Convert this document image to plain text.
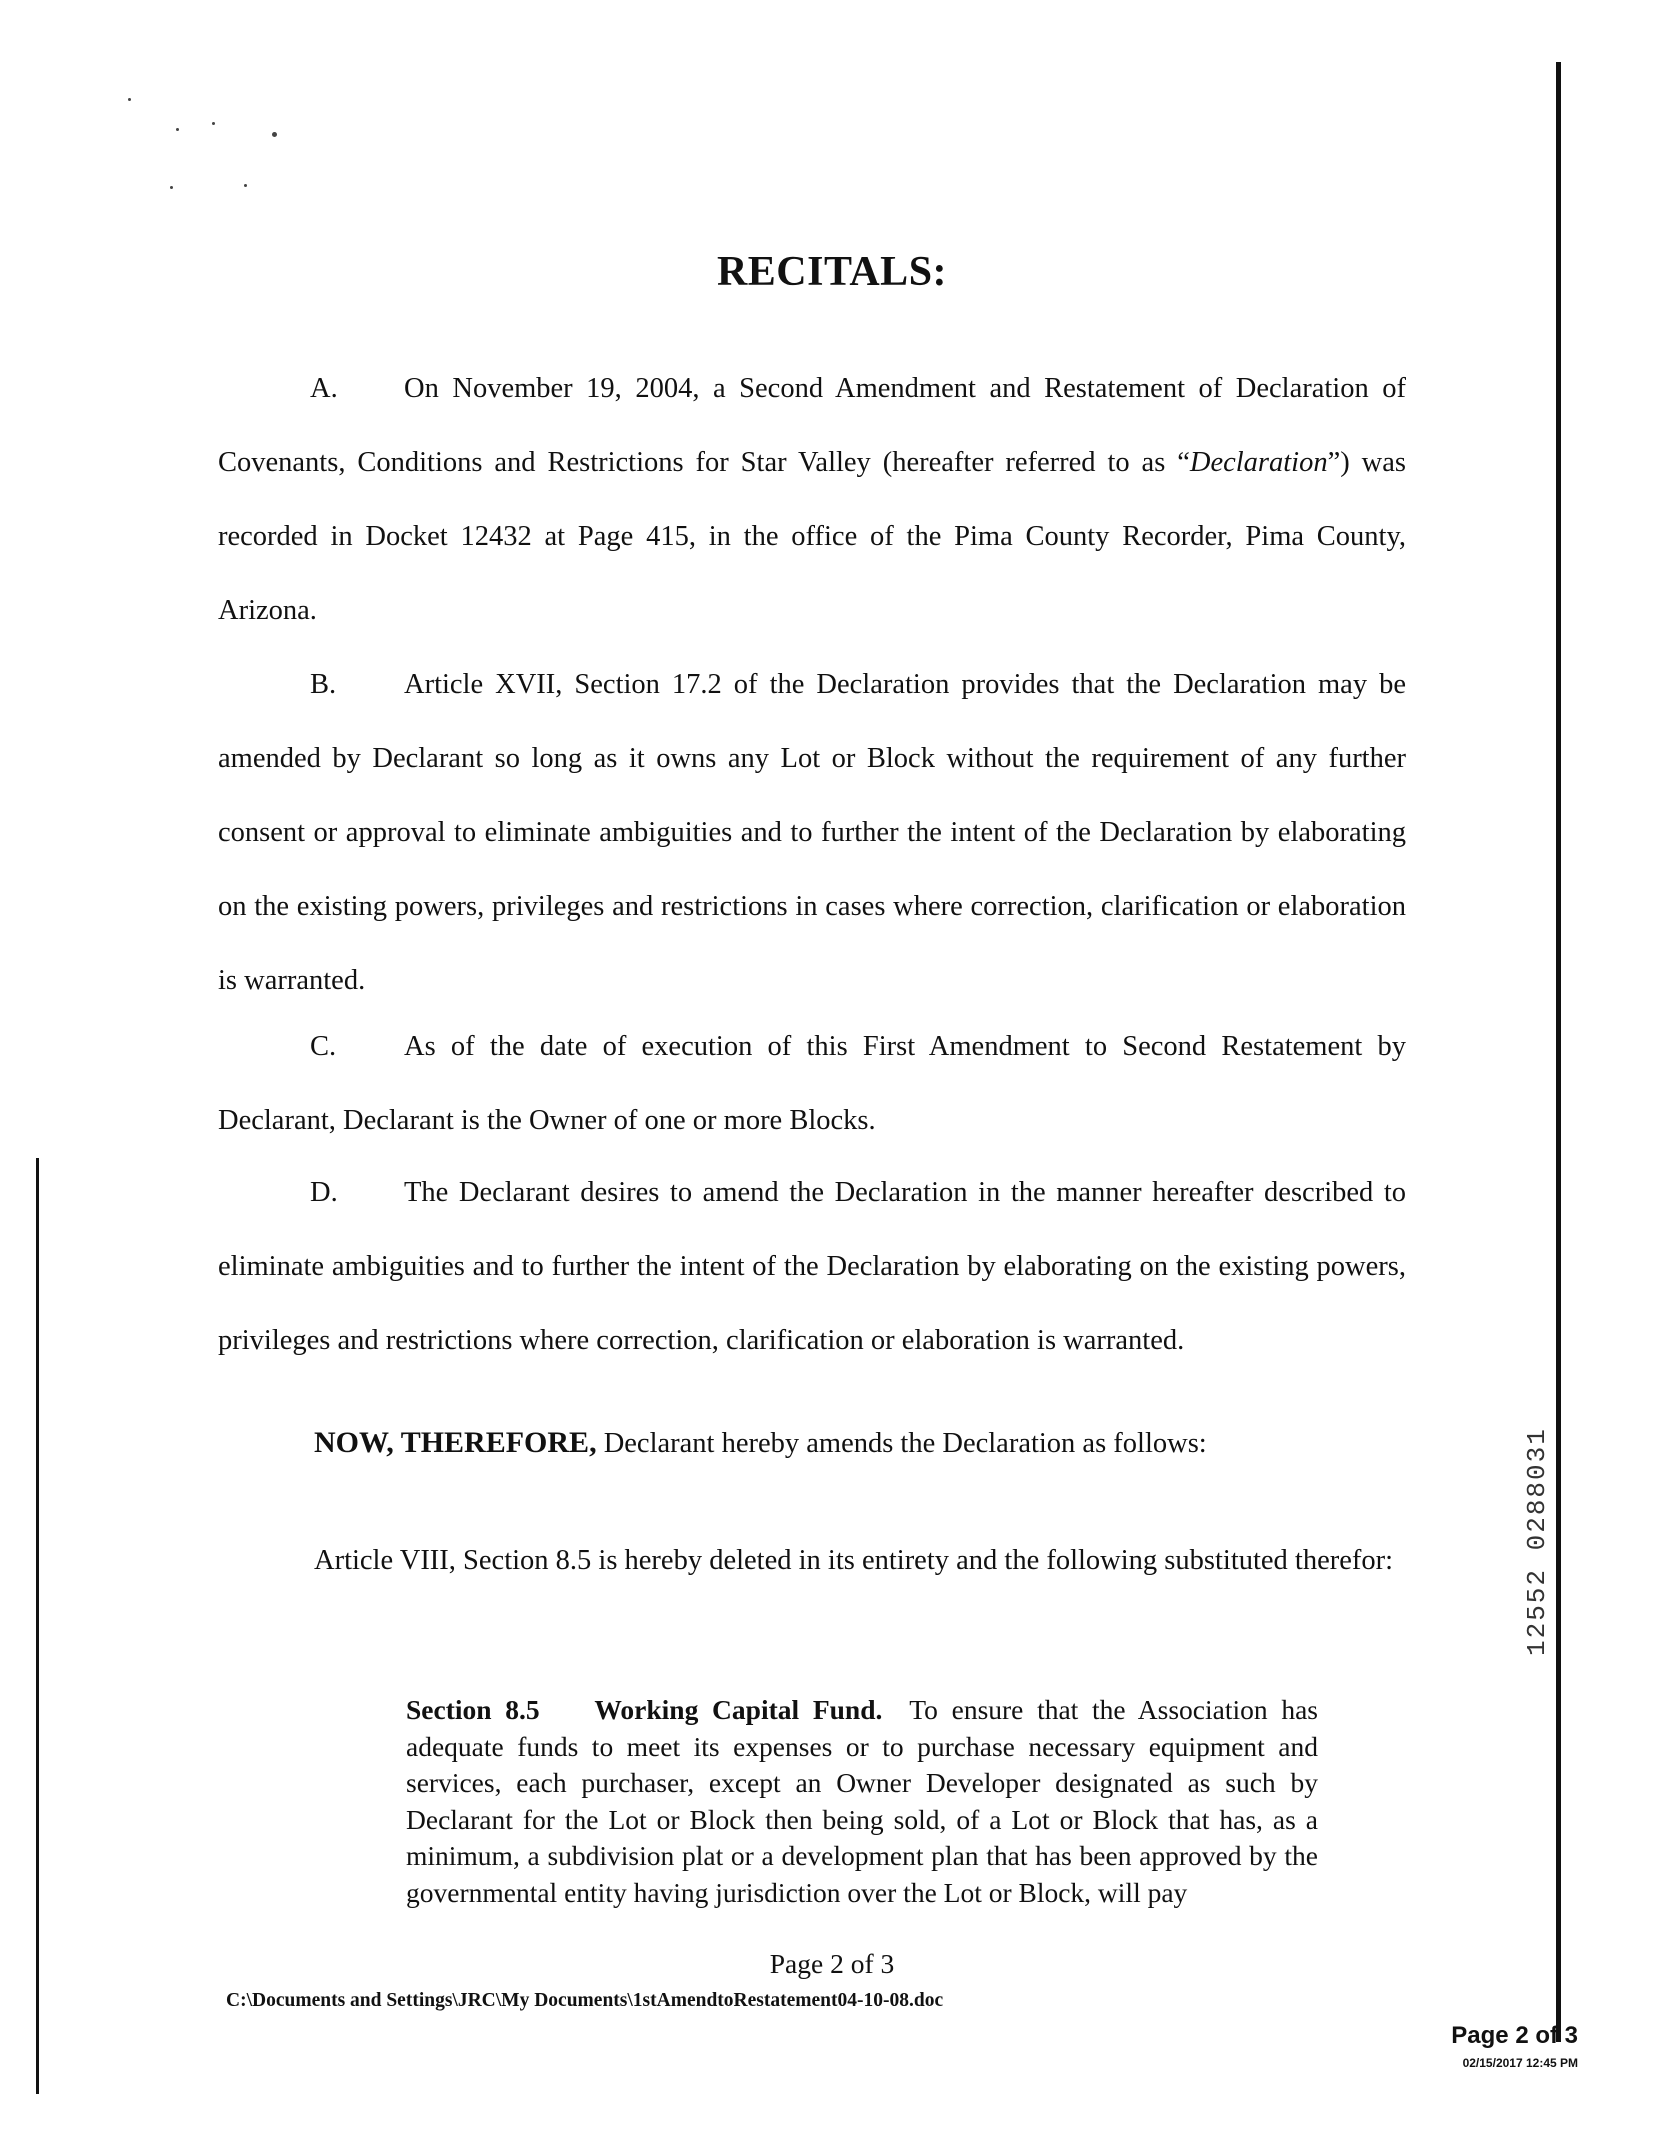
RECITALS:
A. On November 19, 2004, a Second Amendment and Restatement of Declaration of Covenants, Conditions and Restrictions for Star Valley (hereafter referred to as “Declaration”) was recorded in Docket 12432 at Page 415, in the office of the Pima County Recorder, Pima County, Arizona.
B. Article XVII, Section 17.2 of the Declaration provides that the Declaration may be amended by Declarant so long as it owns any Lot or Block without the requirement of any further consent or approval to eliminate ambiguities and to further the intent of the Declaration by elaborating on the existing powers, privileges and restrictions in cases where correction, clarification or elaboration is warranted.
C. As of the date of execution of this First Amendment to Second Restatement by Declarant, Declarant is the Owner of one or more Blocks.
D. The Declarant desires to amend the Declaration in the manner hereafter described to eliminate ambiguities and to further the intent of the Declaration by elaborating on the existing powers, privileges and restrictions where correction, clarification or elaboration is warranted.
NOW, THEREFORE, Declarant hereby amends the Declaration as follows:
Article VIII, Section 8.5 is hereby deleted in its entirety and the following substituted therefor:
Section 8.5 Working Capital Fund. To ensure that the Association has adequate funds to meet its expenses or to purchase necessary equipment and services, each purchaser, except an Owner Developer designated as such by Declarant for the Lot or Block then being sold, of a Lot or Block that has, as a minimum, a subdivision plat or a development plan that has been approved by the governmental entity having jurisdiction over the Lot or Block, will pay
Page 2 of 3
C:\Documents and Settings\JRC\My Documents\1stAmendtoRestatement04-10-08.doc
Page 2 of 3
02/15/2017 12:45 PM
12552 0288031
